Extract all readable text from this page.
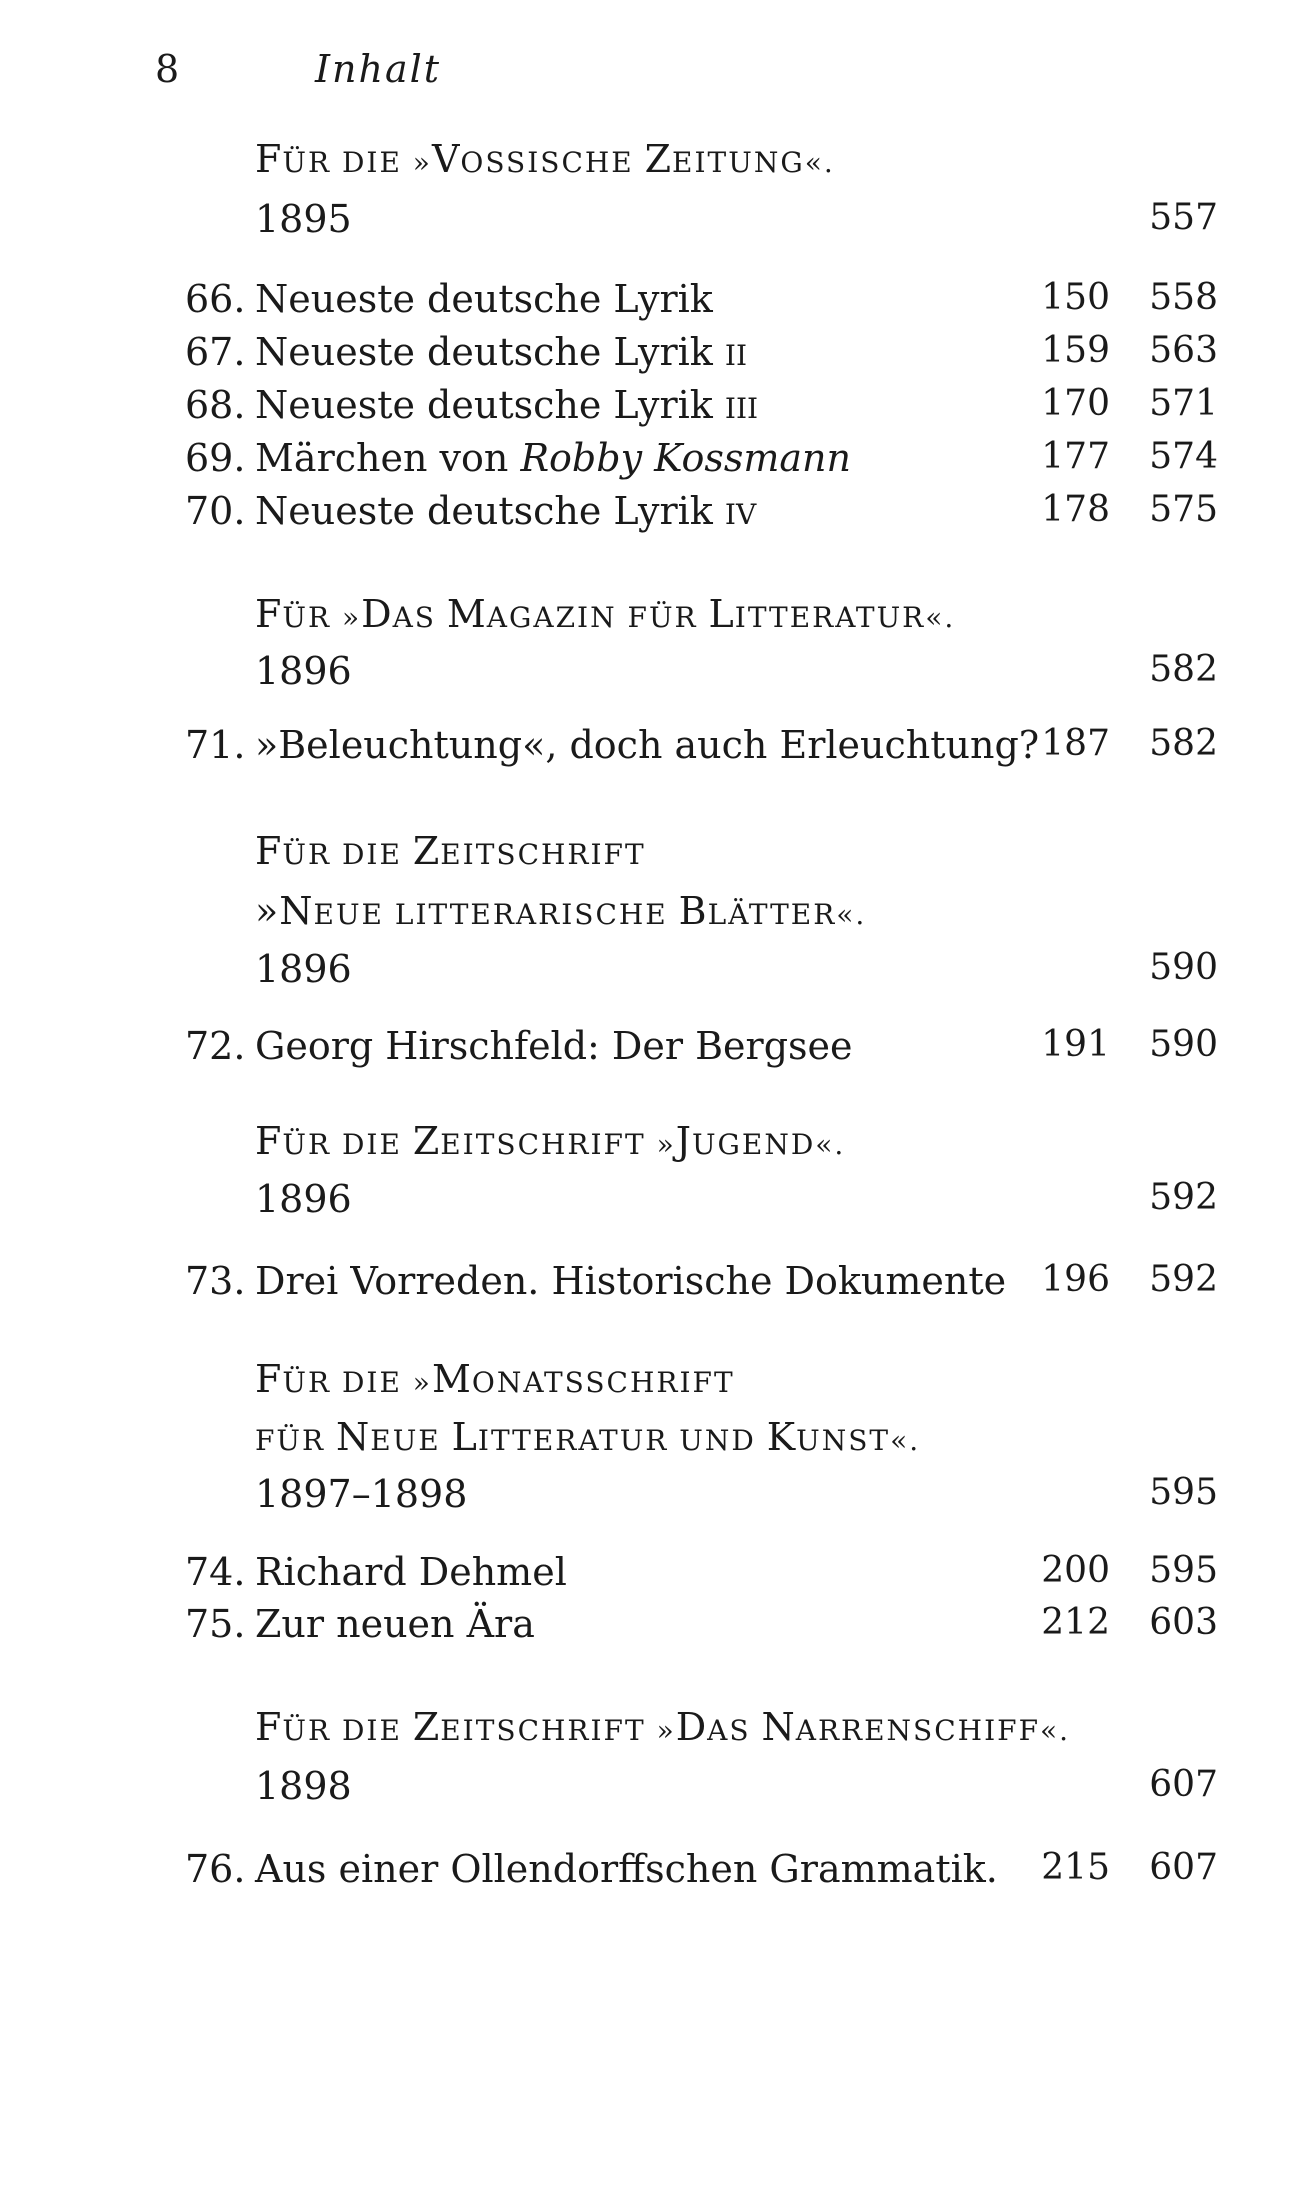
8	Inhalt
FÜR DIE »VOSSISCHE ZEITUNG«.
1895	557
66. Neueste deutsche Lyrik	150	558
67. Neueste deutsche Lyrik II	159	563
68. Neueste deutsche Lyrik III	170	571
69. Märchen von Robby Kossmann	177	574
70. Neueste deutsche Lyrik IV	178	575
FÜR »DAS MAGAZIN FÜR LITTERATUR«.
1896	582
71. »Beleuchtung«, doch auch Erleuchtung? 187	582
FÜR DIE ZEITSCHRIFT
»NEUE LITTERARISCHE BLÄTTER«.
1896	590
72. Georg Hirschfeld: Der Bergsee	191	590
FÜR DIE ZEITSCHRIFT »JUGEND«.
1896	592
73. Drei Vorreden. Historische Dokumente 196	592
FÜR DIE »MONATSSCHRIFT
FÜR NEUE LITTERATUR UND KUNST«.
1897–1898	595
74. Richard Dehmel	200	595
75. Zur neuen Ära	212	603
FÜR DIE ZEITSCHRIFT »DAS NARRENSCHIFF«.
1898	607
76. Aus einer Ollendorffschen Grammatik.	215	607
